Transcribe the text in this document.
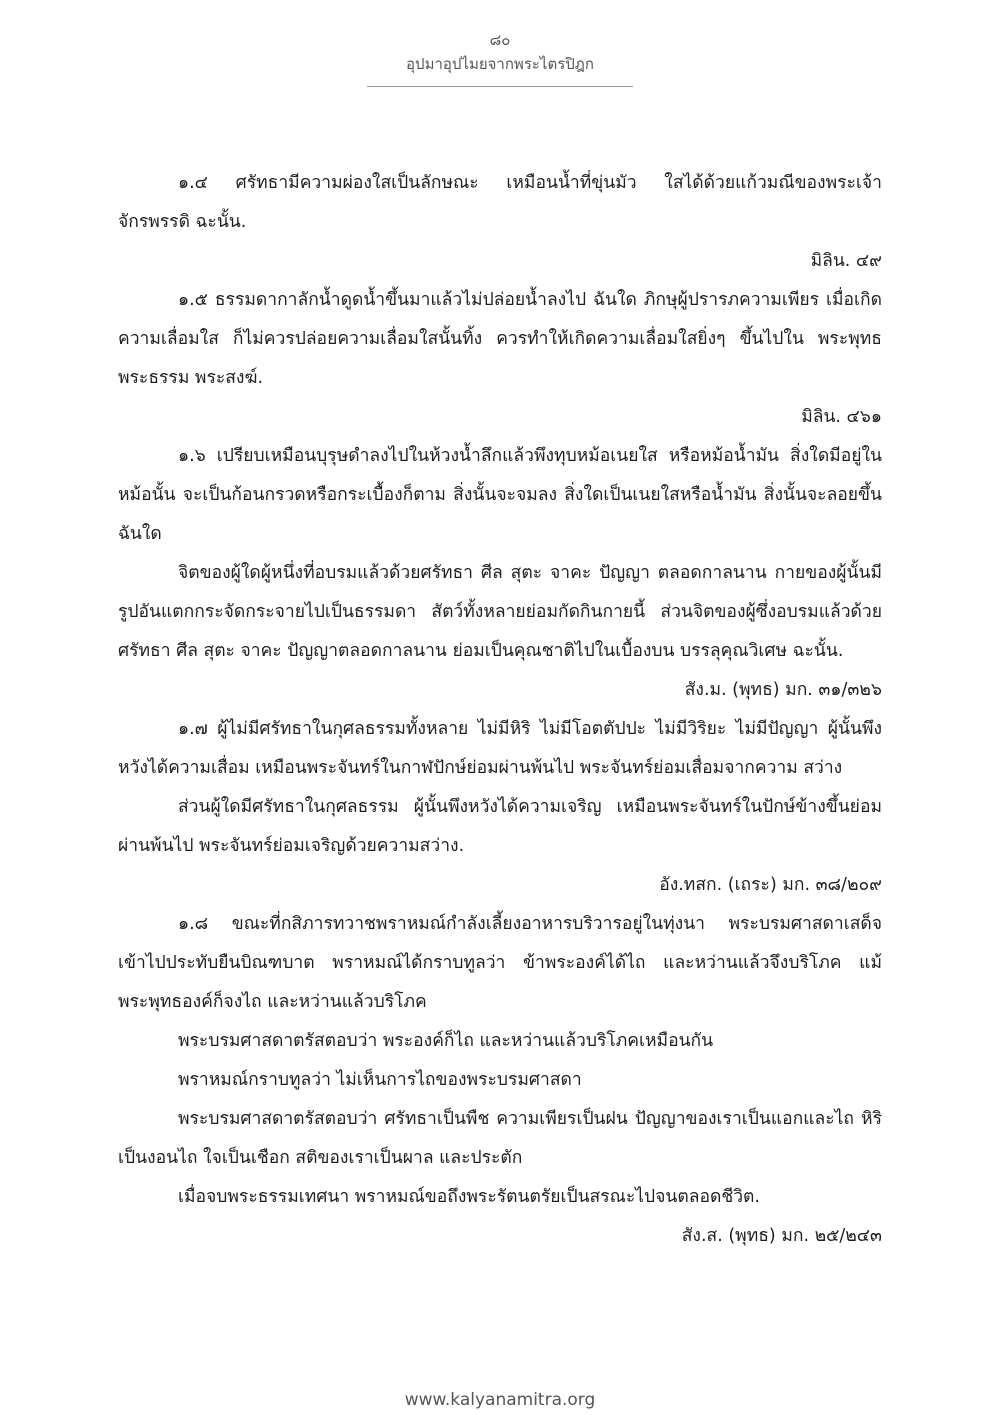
๘๐
อุปมาอุปไมยจากพระไตรปิฎก

๑.๔ ศรัทธามีความผ่องใสเป็นลักษณะ เหมือนน้ำที่ขุ่นมัว ใสได้ด้วยแก้วมณีของพระเจ้าจักรพรรดิ ฉะนั้น.

มิลิน. ๔๙

๑.๕ ธรรมดากาลักน้ำดูดน้ำขึ้นมาแล้วไม่ปล่อยน้ำลงไป ฉันใด ภิกษุผู้ปรารภความเพียร เมื่อเกิดความเลื่อมใส ก็ไม่ควรปล่อยความเลื่อมใสนั้นทิ้ง ควรทำให้เกิดความเลื่อมใสยิ่งๆ ขึ้นไปใน พระพุทธ พระธรรม พระสงฆ์.

มิลิน. ๔๖๑

๑.๖ เปรียบเหมือนบุรุษดำลงไปในห้วงน้ำลึกแล้วพึงทุบหม้อเนยใส หรือหม้อน้ำมัน สิ่งใดมีอยู่ในหม้อนั้น จะเป็นก้อนกรวดหรือกระเบื้องก็ตาม สิ่งนั้นจะจมลง สิ่งใดเป็นเนยใสหรือน้ำมัน สิ่งนั้นจะลอยขึ้น ฉันใด

จิตของผู้ใดผู้หนึ่งที่อบรมแล้วด้วยศรัทธา ศีล สุตะ จาคะ ปัญญา ตลอดกาลนาน กายของผู้นั้นมีรูปอันแตกกระจัดกระจายไปเป็นธรรมดา สัตว์ทั้งหลายย่อมกัดกินกายนี้ ส่วนจิตของผู้ซึ่งอบรมแล้วด้วยศรัทธา ศีล สุตะ จาคะ ปัญญาตลอดกาลนาน ย่อมเป็นคุณชาติไปในเบื้องบน บรรลุคุณวิเศษ ฉะนั้น.

สัง.ม. (พุทธ) มก. ๓๑/๓๒๖

๑.๗ ผู้ไม่มีศรัทธาในกุศลธรรมทั้งหลาย ไม่มีหิริ ไม่มีโอตตัปปะ ไม่มีวิริยะ ไม่มีปัญญา ผู้นั้นพึงหวังได้ความเสื่อม เหมือนพระจันทร์ในกาฬปักษ์ย่อมผ่านพ้นไป พระจันทร์ย่อมเสื่อมจากความ สว่าง

ส่วนผู้ใดมีศรัทธาในกุศลธรรม ผู้นั้นพึงหวังได้ความเจริญ เหมือนพระจันทร์ในปักษ์ข้างขึ้นย่อมผ่านพ้นไป พระจันทร์ย่อมเจริญด้วยความสว่าง.

อัง.ทสก. (เถระ) มก. ๓๘/๒๐๙

๑.๘ ขณะที่กสิภารทวาชพราหมณ์กำลังเลี้ยงอาหารบริวารอยู่ในทุ่งนา พระบรมศาสดาเสด็จเข้าไปประทับยืนบิณฑบาต พราหมณ์ได้กราบทูลว่า ข้าพระองค์ได้ไถ และหว่านแล้วจึงบริโภค แม้พระพุทธองค์ก็จงไถ และหว่านแล้วบริโภค

พระบรมศาสดาตรัสตอบว่า พระองค์ก็ไถ และหว่านแล้วบริโภคเหมือนกัน

พราหมณ์กราบทูลว่า ไม่เห็นการไถของพระบรมศาสดา

พระบรมศาสดาตรัสตอบว่า ศรัทธาเป็นพืช ความเพียรเป็นฝน ปัญญาของเราเป็นแอกและไถ หิริเป็นงอนไถ ใจเป็นเชือก สติของเราเป็นผาล และประตัก

เมื่อจบพระธรรมเทศนา พราหมณ์ขอถึงพระรัตนตรัยเป็นสรณะไปจนตลอดชีวิต.

สัง.ส. (พุทธ) มก. ๒๕/๒๔๓

www.kalyanamitra.org
